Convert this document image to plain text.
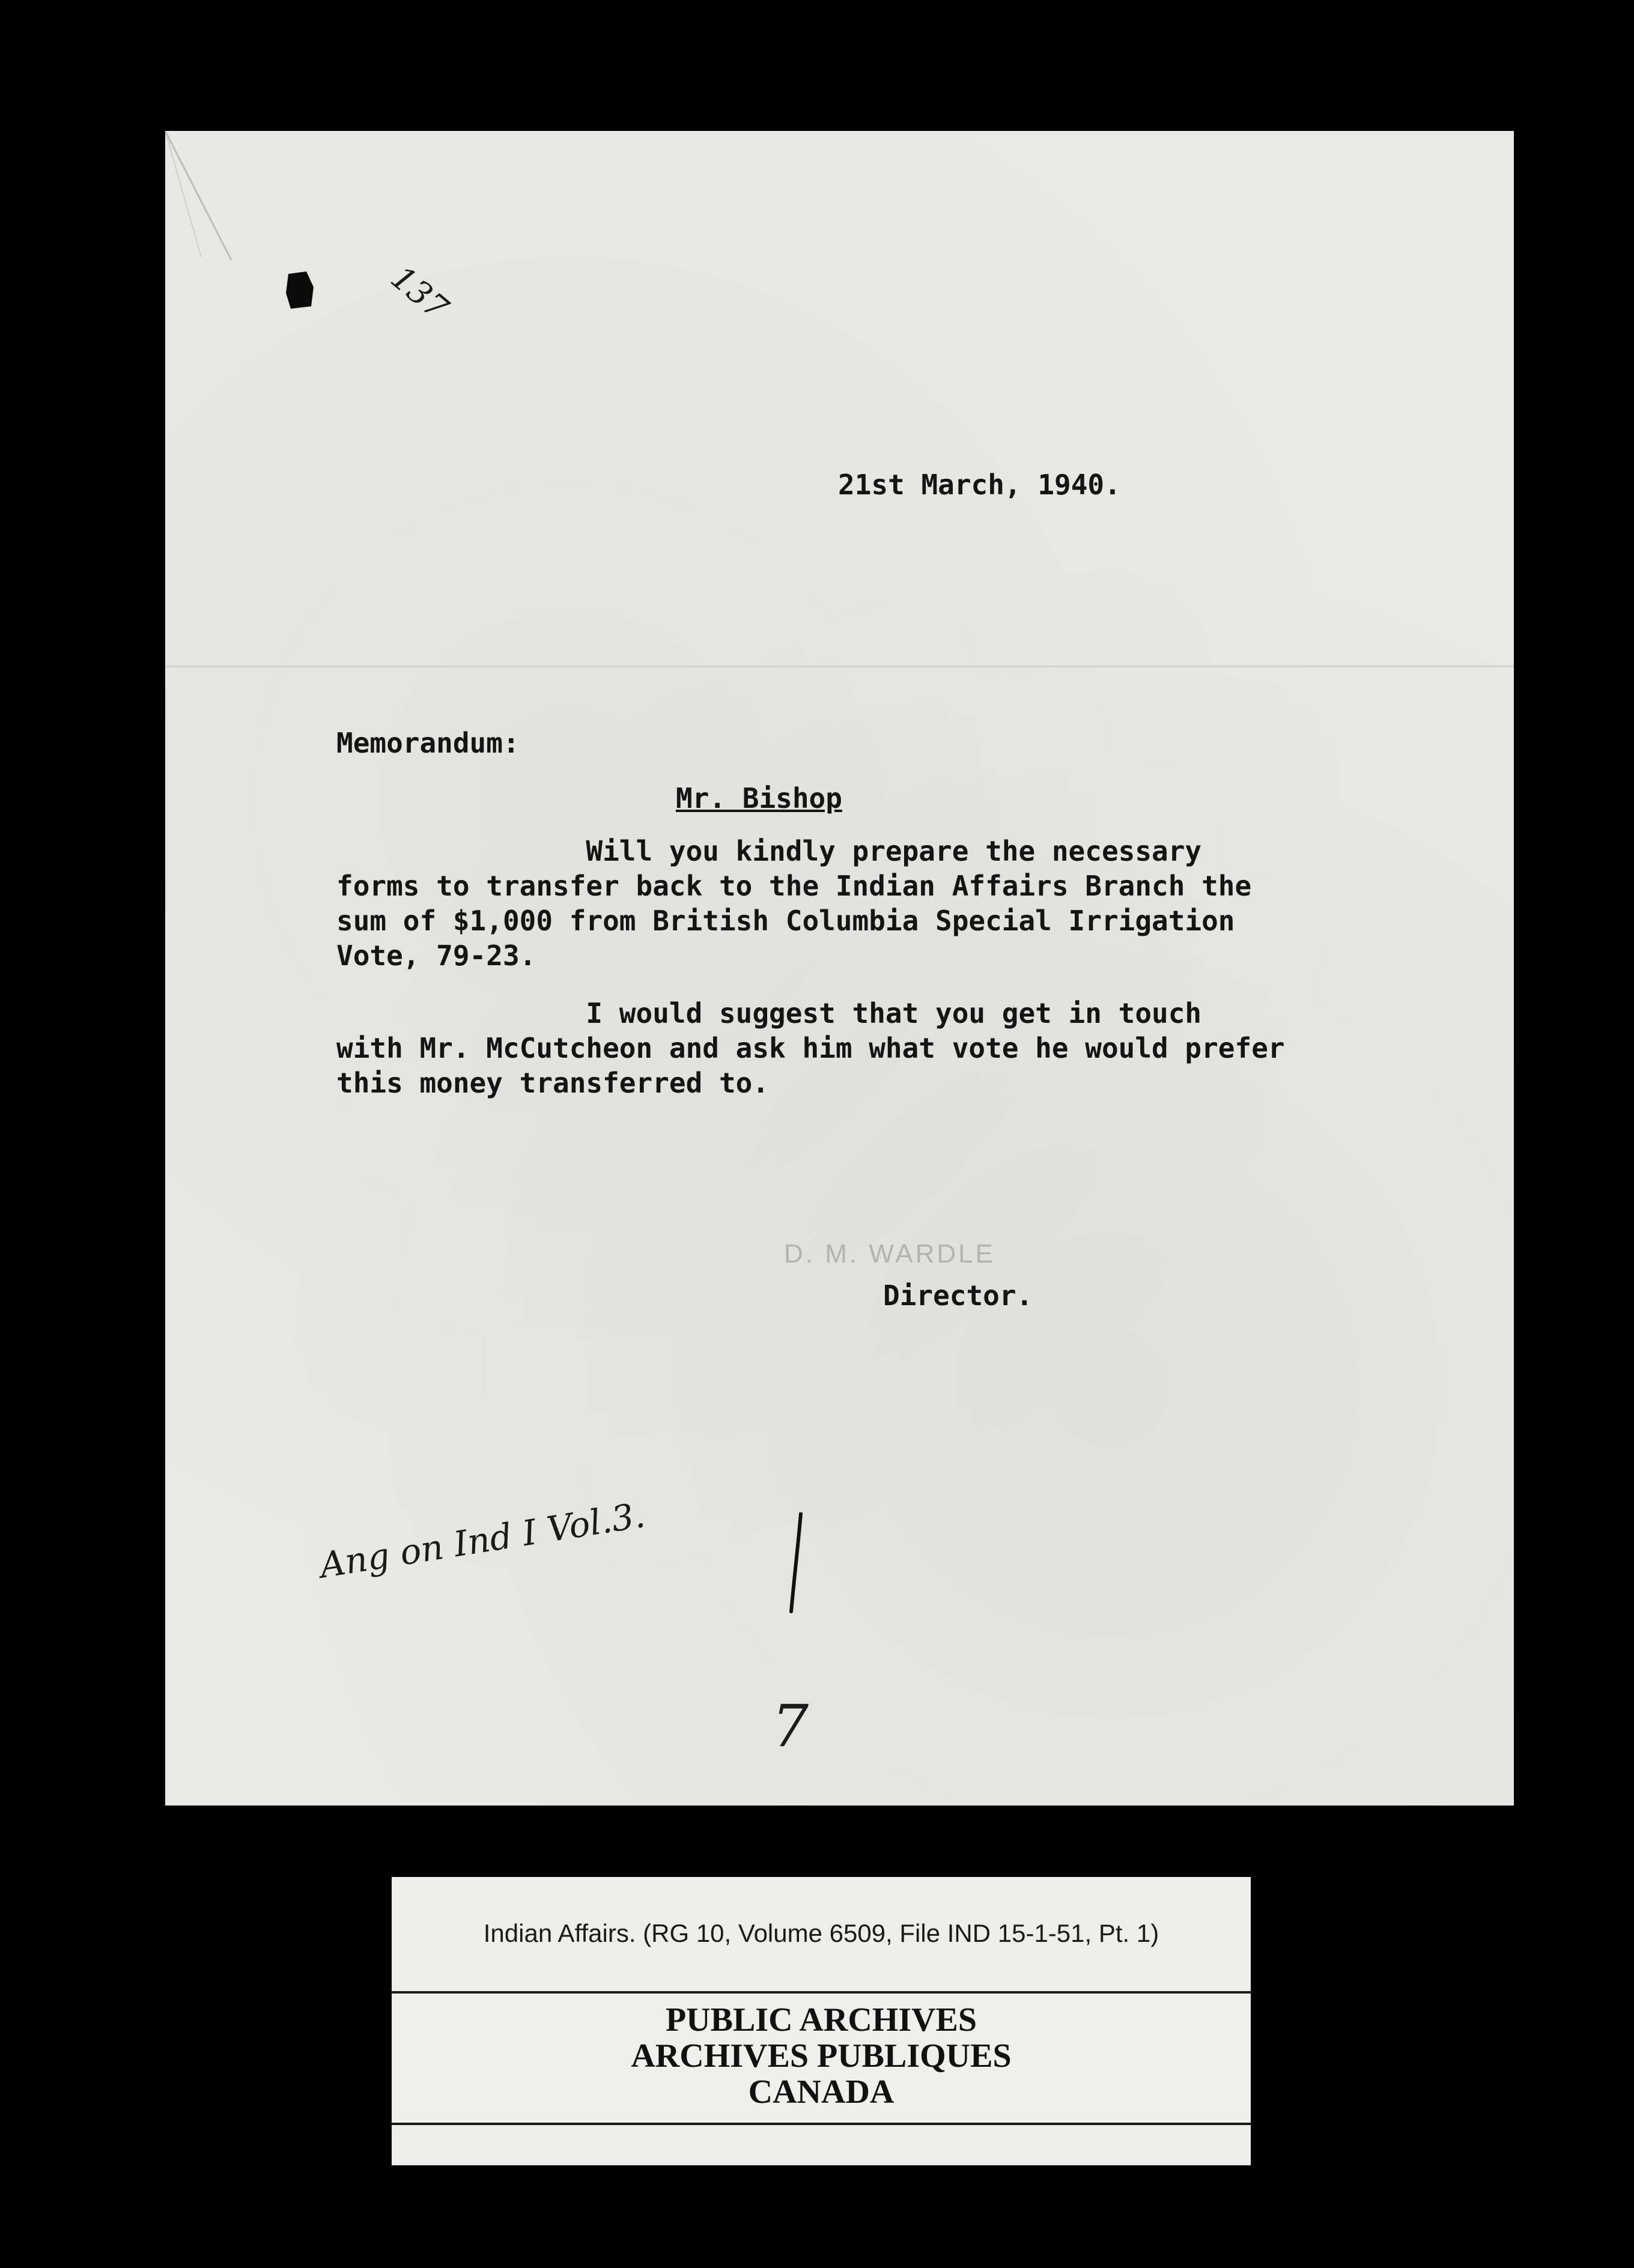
137
21st March, 1940.
Memorandum:
Mr. Bishop
Will you kindly prepare the necessary
forms to transfer back to the Indian Affairs Branch the
sum of $1,000 from British Columbia Special Irrigation
Vote, 79-23.
I would suggest that you get in touch
with Mr. McCutcheon and ask him what vote he would prefer
this money transferred to.
D. M. WARDLE
Director.
Ang on Ind I Vol.3.
7
Indian Affairs. (RG 10, Volume 6509, File IND 15-1-51, Pt. 1)
PUBLIC ARCHIVES
ARCHIVES PUBLIQUES
CANADA
